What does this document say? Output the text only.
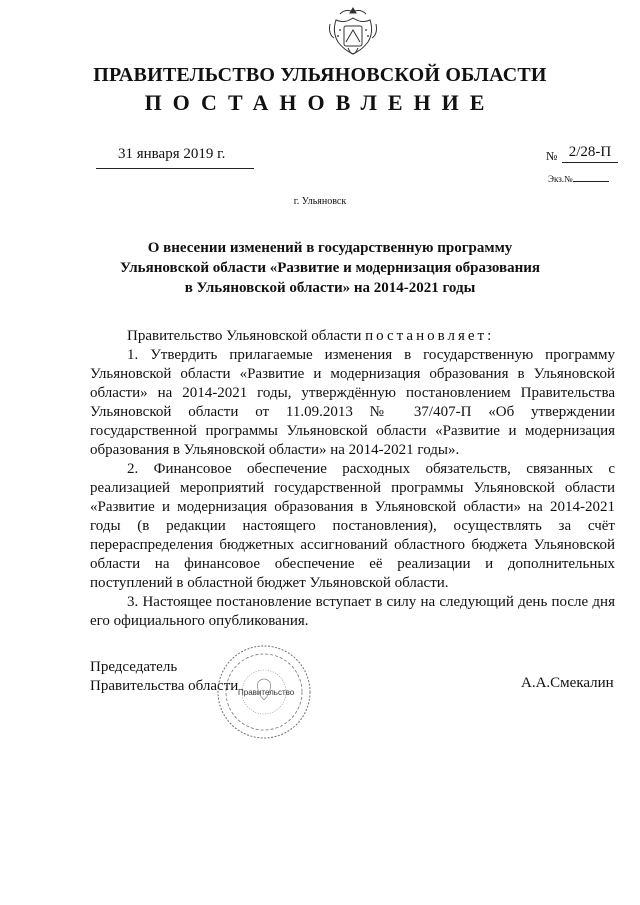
ПРАВИТЕЛЬСТВО УЛЬЯНОВСКОЙ ОБЛАСТИ
ПОСТАНОВЛЕНИЕ
31 января 2019 г.	№ 2/28-П
Экз.№
г. Ульяновск
О внесении изменений в государственную программу
Ульяновской области «Развитие и модернизация образования
в Ульяновской области» на 2014-2021 годы

Правительство Ульяновской области постановляет:

1. Утвердить прилагаемые изменения в государственную программу Ульяновской области «Развитие и модернизация образования в Ульяновской области» на 2014-2021 годы, утверждённую постановлением Правительства Ульяновской области от 11.09.2013 № 37/407-П «Об утверждении государственной программы Ульяновской области «Развитие и модернизация образования в Ульяновской области» на 2014-2021 годы».

2. Финансовое обеспечение расходных обязательств, связанных с реализацией мероприятий государственной программы Ульяновской области «Развитие и модернизация образования в Ульяновской области» на 2014-2021 годы (в редакции настоящего постановления), осуществлять за счёт перераспределения бюджетных ассигнований областного бюджета Ульяновской области на финансовое обеспечение её реализации и дополнительных поступлений в областной бюджет Ульяновской области.

3. Настоящее постановление вступает в силу на следующий день после дня его официального опубликования.

Председатель
Правительства области	А.А.Смекалин
Правительство
